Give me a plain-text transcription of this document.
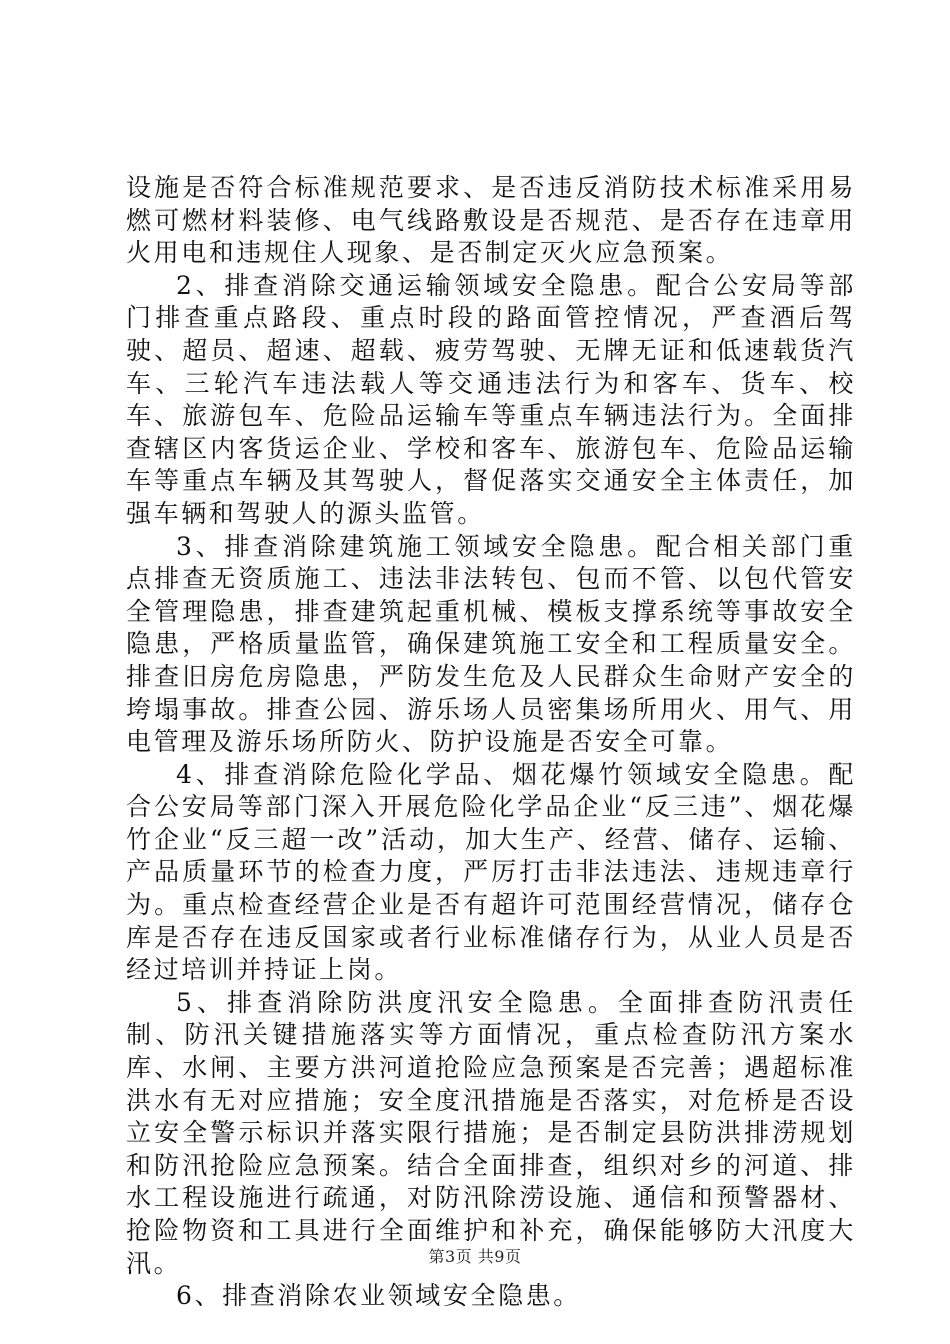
设施是否符合标准规范要求、是否违反消防技术标准采用易燃可燃材料装修、电气线路敷设是否规范、是否存在违章用火用电和违规住人现象、是否制定灭火应急预案。

2、排查消除交通运输领域安全隐患。配合公安局等部门排查重点路段、重点时段的路面管控情况，严查酒后驾驶、超员、超速、超载、疲劳驾驶、无牌无证和低速载货汽车、三轮汽车违法载人等交通违法行为和客车、货车、校车、旅游包车、危险品运输车等重点车辆违法行为。全面排查辖区内客货运企业、学校和客车、旅游包车、危险品运输车等重点车辆及其驾驶人，督促落实交通安全主体责任，加强车辆和驾驶人的源头监管。

3、排查消除建筑施工领域安全隐患。配合相关部门重点排查无资质施工、违法非法转包、包而不管、以包代管安全管理隐患，排查建筑起重机械、模板支撑系统等事故安全隐患，严格质量监管，确保建筑施工安全和工程质量安全。排查旧房危房隐患，严防发生危及人民群众生命财产安全的垮塌事故。排查公园、游乐场人员密集场所用火、用气、用电管理及游乐场所防火、防护设施是否安全可靠。

4、排查消除危险化学品、烟花爆竹领域安全隐患。配合公安局等部门深入开展危险化学品企业“反三违”、烟花爆竹企业“反三超一改”活动，加大生产、经营、储存、运输、产品质量环节的检查力度，严厉打击非法违法、违规违章行为。重点检查经营企业是否有超许可范围经营情况，储存仓库是否存在违反国家或者行业标准储存行为，从业人员是否经过培训并持证上岗。

5、排查消除防洪度汛安全隐患。全面排查防汛责任制、防汛关键措施落实等方面情况，重点检查防汛方案水库、水闸、主要方洪河道抢险应急预案是否完善；遇超标准洪水有无对应措施；安全度汛措施是否落实，对危桥是否设立安全警示标识并落实限行措施；是否制定县防洪排涝规划和防汛抢险应急预案。结合全面排查，组织对乡的河道、排水工程设施进行疏通，对防汛除涝设施、通信和预警器材、抢险物资和工具进行全面维护和补充，确保能够防大汛度大汛。

6、排查消除农业领域安全隐患。

第3页 共9页
